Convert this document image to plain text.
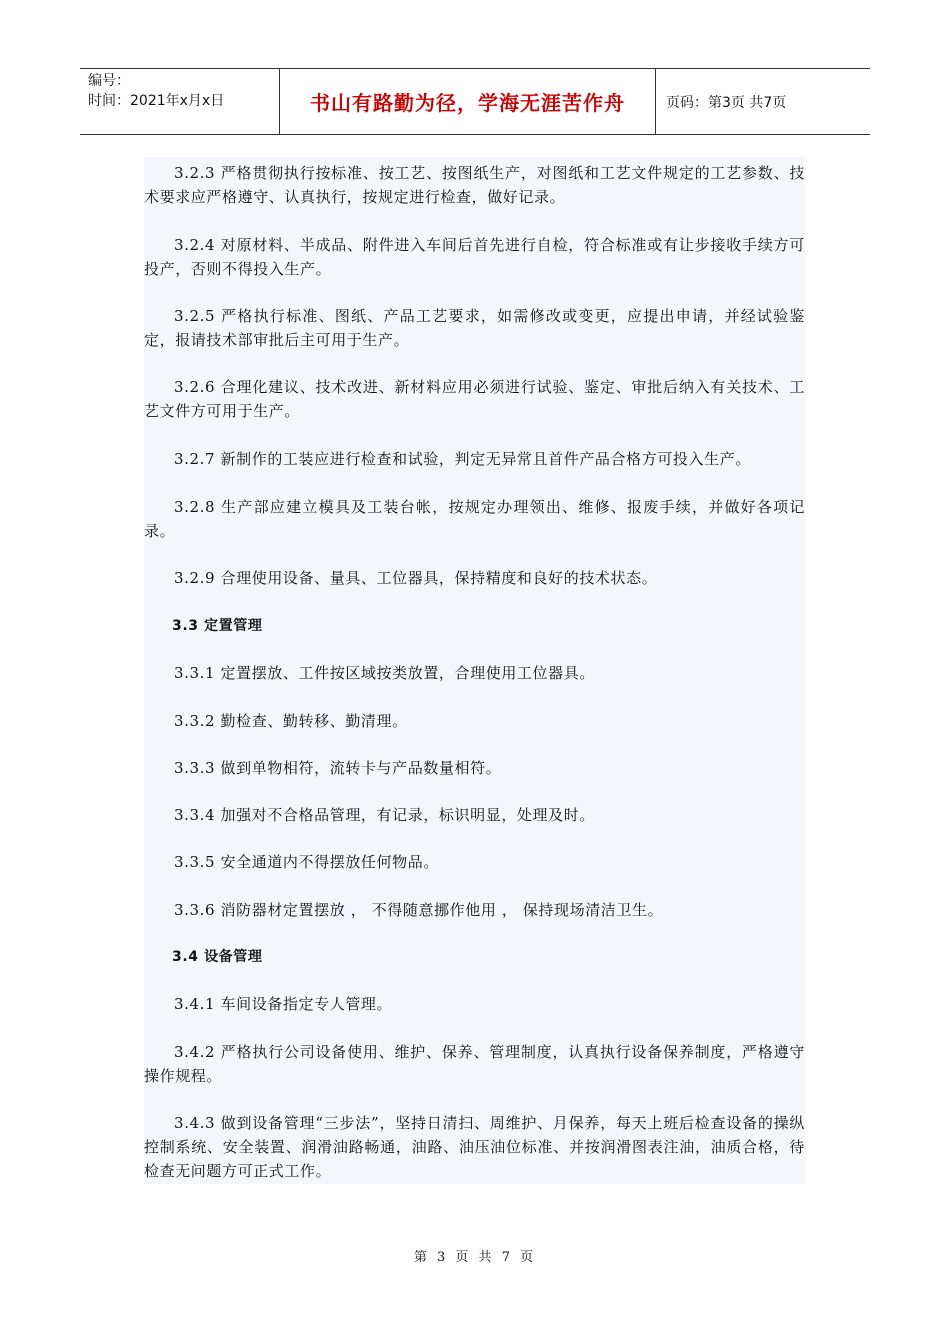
编号：
时间：2021年x月x日	书山有路勤为径，学海无涯苦作舟	页码：第3页 共7页

3.2.3 严格贯彻执行按标准、按工艺、按图纸生产，对图纸和工艺文件规定的工艺参数、技术要求应严格遵守、认真执行，按规定进行检查，做好记录。

3.2.4 对原材料、半成品、附件进入车间后首先进行自检，符合标准或有让步接收手续方可投产，否则不得投入生产。

3.2.5 严格执行标准、图纸、产品工艺要求，如需修改或变更，应提出申请，并经试验鉴定，报请技术部审批后主可用于生产。

3.2.6 合理化建议、技术改进、新材料应用必须进行试验、鉴定、审批后纳入有关技术、工艺文件方可用于生产。

3.2.7 新制作的工装应进行检查和试验，判定无异常且首件产品合格方可投入生产。

3.2.8 生产部应建立模具及工装台帐，按规定办理领出、维修、报废手续，并做好各项记录。

3.2.9 合理使用设备、量具、工位器具，保持精度和良好的技术状态。

3.3 定置管理

3.3.1 定置摆放、工件按区域按类放置，合理使用工位器具。

3.3.2 勤检查、勤转移、勤清理。

3.3.3 做到单物相符，流转卡与产品数量相符。

3.3.4 加强对不合格品管理，有记录，标识明显，处理及时。

3.3.5 安全通道内不得摆放任何物品。

3.3.6 消防器材定置摆放 ， 不得随意挪作他用 ， 保持现场清洁卫生。

3.4 设备管理

3.4.1 车间设备指定专人管理。

3.4.2 严格执行公司设备使用、维护、保养、管理制度，认真执行设备保养制度，严格遵守操作规程。

3.4.3 做到设备管理“三步法”，坚持日清扫、周维护、月保养，每天上班后检查设备的操纵控制系统、安全装置、润滑油路畅通，油路、油压油位标准、并按润滑图表注油，油质合格，待检查无问题方可正式工作。

第 3 页 共 7 页
